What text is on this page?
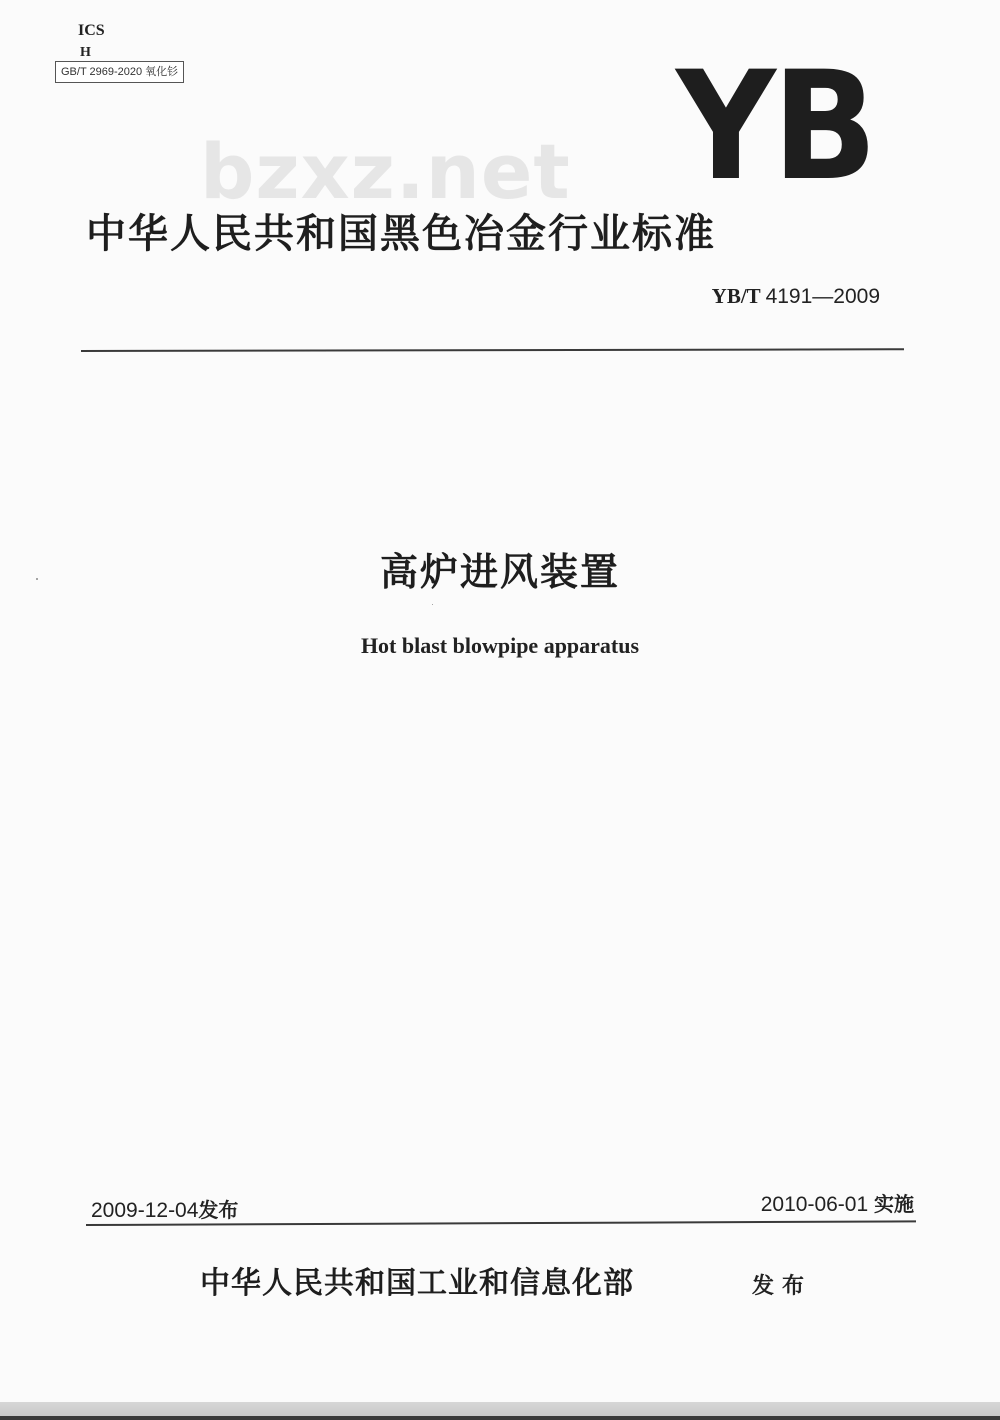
ICS
H
GB/T 2969-2020 氧化钐
bzxz.net YB
中华人民共和国黑色冶金行业标准
YB/T 4191—2009
高炉进风装置
Hot blast blowpipe apparatus
2009-12-04发布	2010-06-01 实施
中华人民共和国工业和信息化部	发布
